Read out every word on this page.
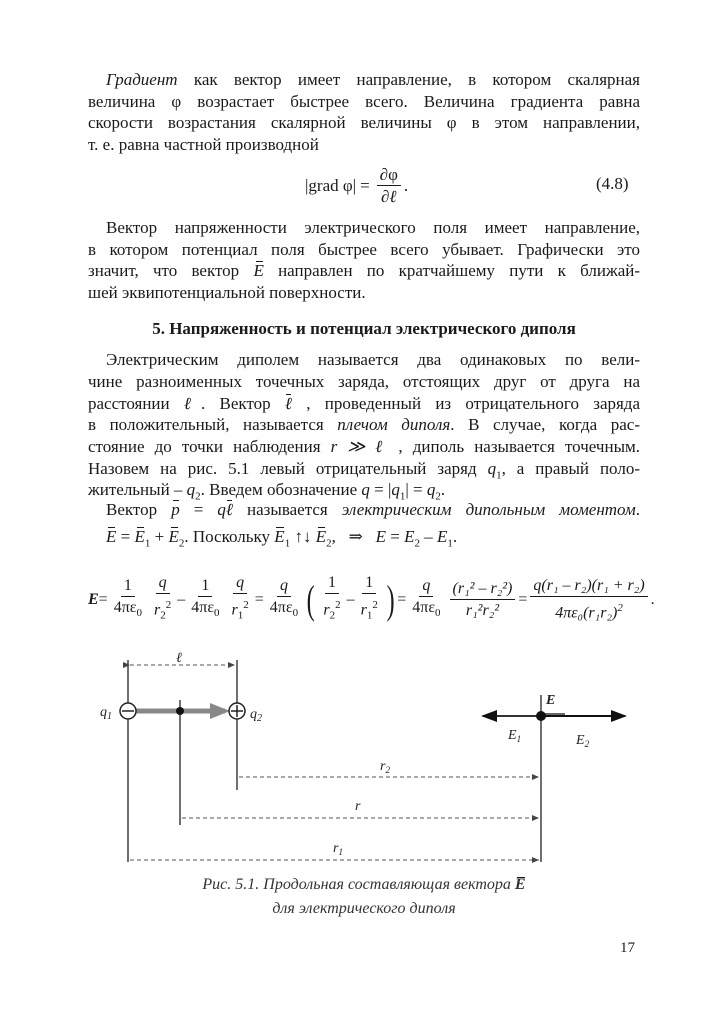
Градиент как вектор имеет направление, в котором скалярная
величина φ возрастает быстрее всего. Величина градиента равна
скорости возрастания скалярной величины φ в этом направлении,
т. е. равна частной производной
|grad $\varphi| = \frac{\partial\varphi}{\text{∂ℓ}}$ .	(4.8)
Вектор напряженности электрического поля имеет направление,
в котором потенциал поля быстрее всего убывает. Графически это
значит, что вектор E направлен по кратчайшему пути к ближай-
шей эквипотенциальной поверхности.
5. Напряженность и потенциал электрического диполя
Электрическим диполем называется два одинаковых по вели-
чине разноименных точечных заряда, отстоящих друг от друга на
расстоянии ℓ. Вектор ℓ , проведенный из отрицательного заряда
в положительный, называется плечом диполя. В случае, когда рас-
стояние до точки наблюдения r ≫ ℓ , диполь называется точечным.
Назовем на рис. 5.1 левый отрицательный заряд $q_1$, а правый поло-
жительный – $q_2$. Введем обозначение $q = |q_1| = q_2$.
Вектор p = qℓ называется электрическим дипольным моментом.
$E = E_1 + E_2$. Поскольку $E_1$ ↑↓ $E_2$,   ⇒   $E = E_2 - E_1$.
$E = \frac{1}{4\pi\varepsilon_0} \frac{q}{r_2^2} - \frac{1}{4\pi\varepsilon_0} \frac{q}{r_1^2} = \frac{q}{4\pi\varepsilon_0}$ ( $\frac{1}{r_2^2} - \frac{1}{r_1^2}$ ) = $\frac{q}{4\pi\varepsilon_0} \frac{\text{(r₁² – r₂²)}}{\text{r₁²r₂²}} = \frac{\text{q(r₁ – r₂)(r₁ + r₂)}}{4\pi\varepsilon_0(r_1r_2)^2}$ .
ℓ
$q_1$	$q_2$
E
$E_1$	$E_2$
$r_2$
r
$r_1$
Рис. 5.1. Продольная составляющая вектора E
для электрического диполя
17
